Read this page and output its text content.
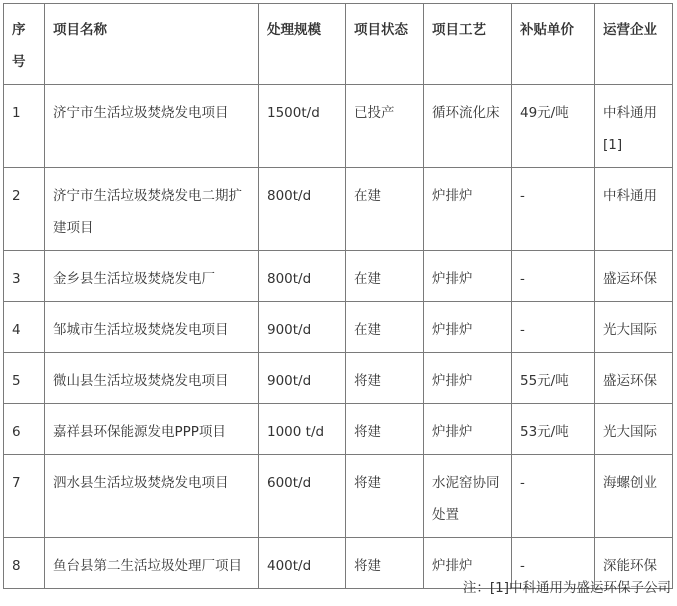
序号	项目名称	处理规模	项目状态	项目工艺	补贴单价	运营企业
1	济宁市生活垃圾焚烧发电项目	1500t/d	已投产	循环流化床	49元/吨	中科通用[1]
2	济宁市生活垃圾焚烧发电二期扩建项目	800t/d	在建	炉排炉	-	中科通用
3	金乡县生活垃圾焚烧发电厂	800t/d	在建	炉排炉	-	盛运环保
4	邹城市生活垃圾焚烧发电项目	900t/d	在建	炉排炉	-	光大国际
5	微山县生活垃圾焚烧发电项目	900t/d	将建	炉排炉	55元/吨	盛运环保
6	嘉祥县环保能源发电PPP项目	1000 t/d	将建	炉排炉	53元/吨	光大国际
7	泗水县生活垃圾焚烧发电项目	600t/d	将建	水泥窑协同处置	-	海螺创业
8	鱼台县第二生活垃圾处理厂项目	400t/d	将建	炉排炉	-	深能环保
注：[1]中科通用为盛运环保子公司
